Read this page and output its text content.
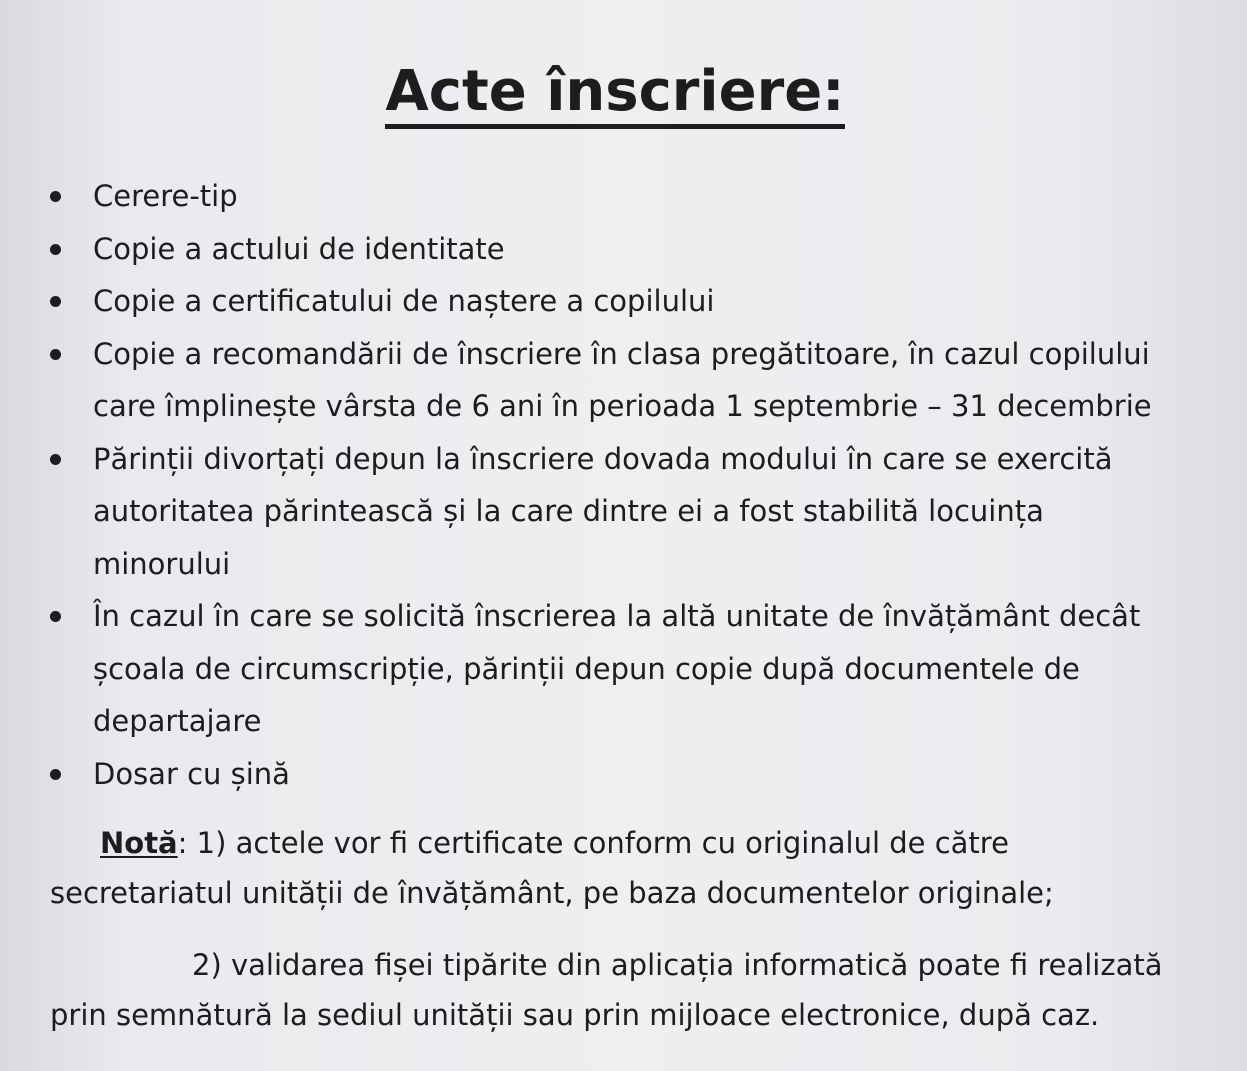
Acte înscriere:
Cerere-tip
Copie a actului de identitate
Copie a certificatului de naștere a copilului
Copie a recomandării de înscriere în clasa pregătitoare, în cazul copilului
care împlinește vârsta de 6 ani în perioada 1 septembrie – 31 decembrie
Părinții divorțați depun la înscriere dovada modului în care se exercită
autoritatea părintească și la care dintre ei a fost stabilită locuința
minorului
În cazul în care se solicită înscrierea la altă unitate de învățământ decât
școala de circumscripție, părinții depun copie după documentele de
departajare
Dosar cu șină

Notă: 1) actele vor fi certificate conform cu originalul de către
secretariatul unității de învățământ, pe baza documentelor originale;

2) validarea fișei tipărite din aplicația informatică poate fi realizată
prin semnătură la sediul unității sau prin mijloace electronice, după caz.
